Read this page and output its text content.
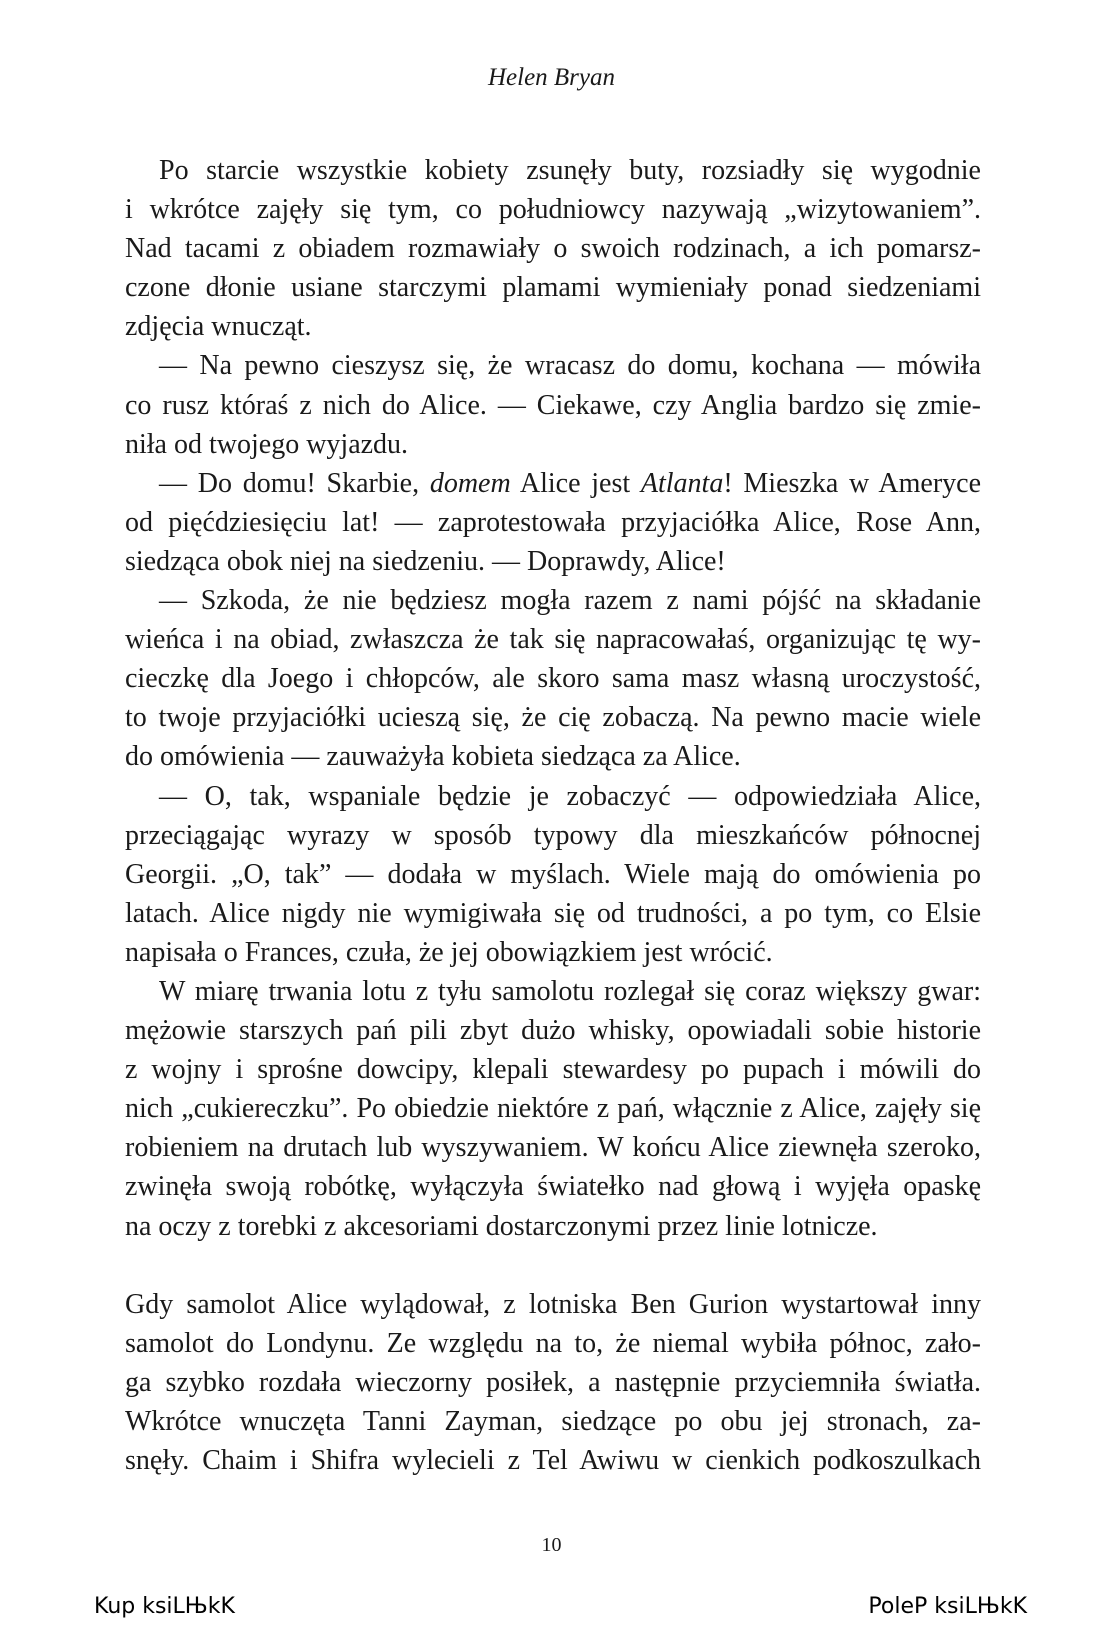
Helen Bryan
Po starcie wszystkie kobiety zsunęły buty, rozsiadły się wygodnie
i wkrótce zajęły się tym, co południowcy nazywają „wizytowaniem”.
Nad tacami z obiadem rozmawiały o swoich rodzinach, a ich pomarsz-
czone dłonie usiane starczymi plamami wymieniały ponad siedzeniami
zdjęcia wnucząt.
— Na pewno cieszysz się, że wracasz do domu, kochana — mówiła
co rusz któraś z nich do Alice. — Ciekawe, czy Anglia bardzo się zmie-
niła od twojego wyjazdu.
— Do domu! Skarbie, domem Alice jest Atlanta! Mieszka w Ameryce
od pięćdziesięciu lat! — zaprotestowała przyjaciółka Alice, Rose Ann,
siedząca obok niej na siedzeniu. — Doprawdy, Alice!
— Szkoda, że nie będziesz mogła razem z nami pójść na składanie
wieńca i na obiad, zwłaszcza że tak się napracowałaś, organizując tę wy-
cieczkę dla Joego i chłopców, ale skoro sama masz własną uroczystość,
to twoje przyjaciółki ucieszą się, że cię zobaczą. Na pewno macie wiele
do omówienia — zauważyła kobieta siedząca za Alice.
— O, tak, wspaniale będzie je zobaczyć — odpowiedziała Alice,
przeciągając wyrazy w sposób typowy dla mieszkańców północnej
Georgii. „O, tak” — dodała w myślach. Wiele mają do omówienia po
latach. Alice nigdy nie wymigiwała się od trudności, a po tym, co Elsie
napisała o Frances, czuła, że jej obowiązkiem jest wrócić.
W miarę trwania lotu z tyłu samolotu rozlegał się coraz większy gwar:
mężowie starszych pań pili zbyt dużo whisky, opowiadali sobie historie
z wojny i sprośne dowcipy, klepali stewardesy po pupach i mówili do
nich „cukiereczku”. Po obiedzie niektóre z pań, włącznie z Alice, zajęły się
robieniem na drutach lub wyszywaniem. W końcu Alice ziewnęła szeroko,
zwinęła swoją robótkę, wyłączyła światełko nad głową i wyjęła opaskę
na oczy z torebki z akcesoriami dostarczonymi przez linie lotnicze.
Gdy samolot Alice wylądował, z lotniska Ben Gurion wystartował inny
samolot do Londynu. Ze względu na to, że niemal wybiła północ, zało-
ga szybko rozdała wieczorny posiłek, a następnie przyciemniła światła.
Wkrótce wnuczęta Tanni Zayman, siedzące po obu jej stronach, za-
snęły. Chaim i Shifra wylecieli z Tel Awiwu w cienkich podkoszulkach
10
Kup ksiLЊkK	PoleP ksiLЊkK
